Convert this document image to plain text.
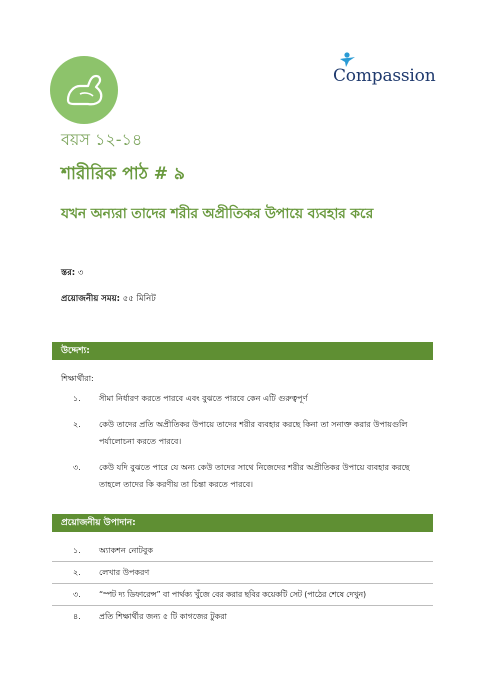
Compassion
বয়স ১২-১৪
শারীরিক পাঠ # ৯
যখন অন্যরা তাদের শরীর অপ্রীতিকর উপায়ে ব্যবহার করে
স্তর: ৩
প্রয়োজনীয় সময়: ৫৫ মিনিট
উদ্দেশ্য:
শিক্ষার্থীরা:
১. সীমা নির্ধারণ করতে পারবে এবং বুঝতে পারবে কেন এটি গুরুত্বপূর্ণ
২. কেউ তাদের প্রতি অপ্রীতিকর উপায়ে তাদের শরীর ব্যবহার করছে কিনা তা সনাক্ত করার উপায়গুলি
পর্যালোচনা করতে পারবে।
৩. কেউ যদি বুঝতে পারে যে অন্য কেউ তাদের সাথে নিজেদের শরীর অপ্রীতিকর উপায়ে ব্যবহার করছে
তাহলে তাদের কি করণীয় তা চিন্তা করতে পারবে।
প্রয়োজনীয় উপাদান:
১. অ্যাকশন নোটবুক
২. লেখার উপকরণ
৩. “স্পট দ্য ডিফারেন্স” বা পার্থক্য খুঁজে বের করার ছবির কয়েকটি সেট (পাঠের শেষে দেখুন)
৪. প্রতি শিক্ষার্থীর জন্য ৫ টি কাগজের টুকরা
